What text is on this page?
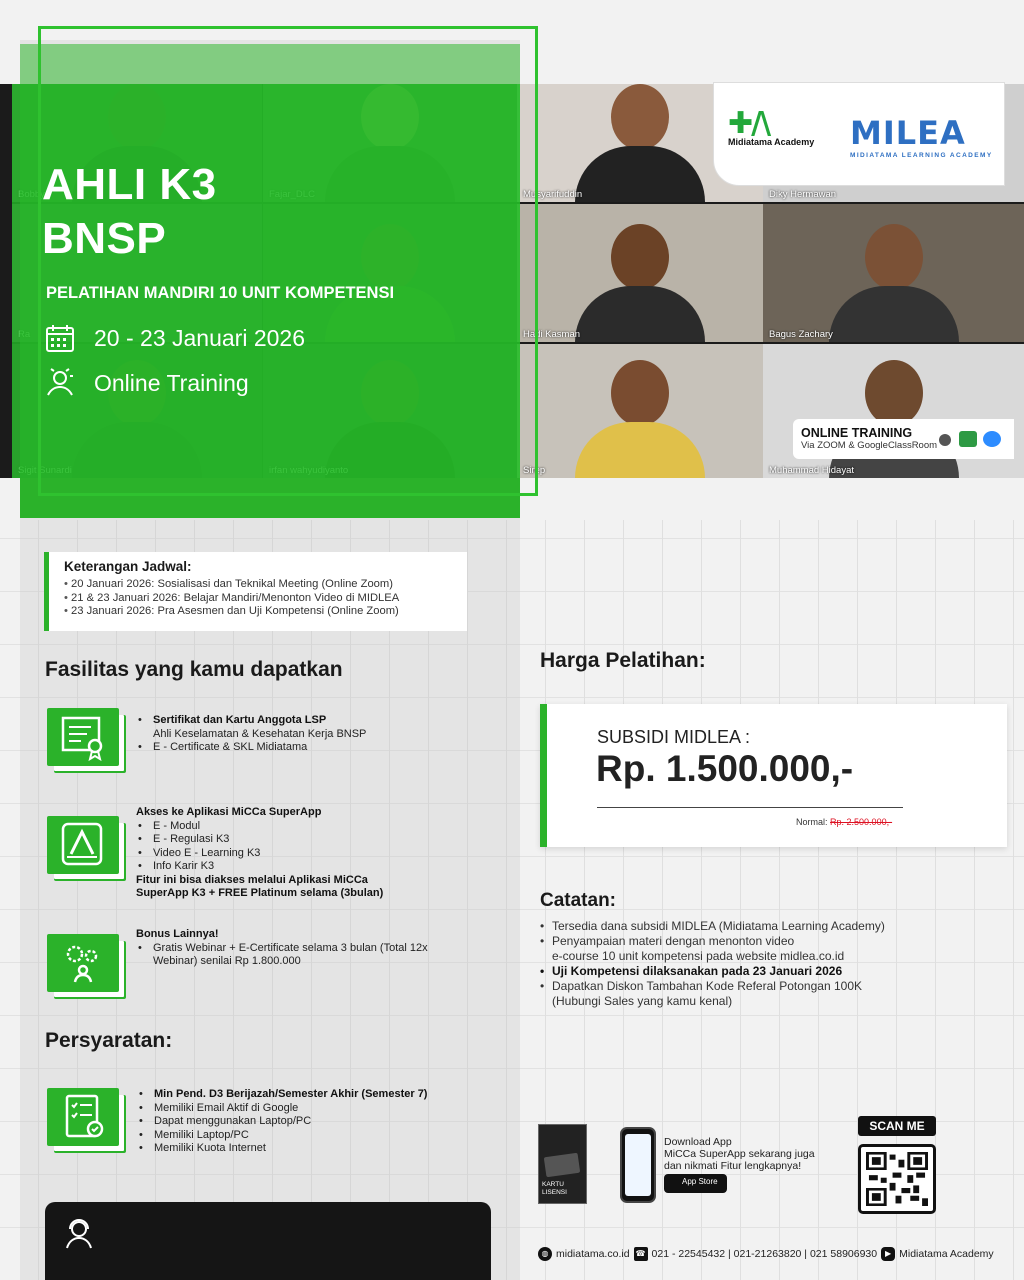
Musyarifuddin	Diky Hermawan
Hadi Kasman	Bagus Zachary
Sirep	Muhammad Hidayat
AHLI K3
BNSP
PELATIHAN MANDIRI 10 UNIT KOMPETENSI
20 - 23 Januari 2026
Online Training
✚/\
Midiatama Academy	MILEA
MIDIATAMA LEARNING ACADEMY
ONLINE TRAINING
Via ZOOM & GoogleClassRoom
Keterangan Jadwal:
• 20 Januari 2026: Sosialisasi dan Teknikal Meeting (Online Zoom)
• 21 & 23 Januari 2026: Belajar Mandiri/Menonton Video di MIDLEA
• 23 Januari 2026: Pra Asesmen dan Uji Kompetensi (Online Zoom)
Fasilitas yang kamu dapatkan
• Sertifikat dan Kartu Anggota LSP
Ahli Keselamatan & Kesehatan Kerja BNSP
• E - Certificate & SKL Midiatama
Akses ke Aplikasi MiCCa SuperApp
• E - Modul
• E - Regulasi K3
• Video E - Learning K3
• Info Karir K3
Fitur ini bisa diakses melalui Aplikasi MiCCa SuperApp K3 + FREE Platinum selama (3bulan)
Bonus Lainnya!
• Gratis Webinar + E-Certificate selama 3 bulan (Total 12x Webinar) senilai Rp 1.800.000
Persyaratan:
• Min Pend. D3 Berijazah/Semester Akhir (Semester 7)
• Memiliki Email Aktif di Google
• Dapat menggunakan Laptop/PC
• Memiliki Laptop/PC
• Memiliki Kuota Internet
Harga Pelatihan:
SUBSIDI MIDLEA :
Rp. 1.500.000,-
Normal: Rp. 2.500.000,-
Catatan:
• Tersedia dana subsidi MIDLEA (Midiatama Learning Academy)
• Penyampaian materi dengan menonton video
e-course 10 unit kompetensi pada website midlea.co.id
• Uji Kompetensi dilaksanakan pada 23 Januari 2026
• Dapatkan Diskon Tambahan Kode Referal Potongan 100K
(Hubungi Sales yang kamu kenal)
KARTU LISENSI
Download App
MiCCa SuperApp sekarang juga
dan nikmati Fitur lengkapnya!
App Store
SCAN ME
◍ midiatama.co.id ☎ 021 - 22545432 | 021-21263820 | 021 58906930 ▶ Midiatama Academy
